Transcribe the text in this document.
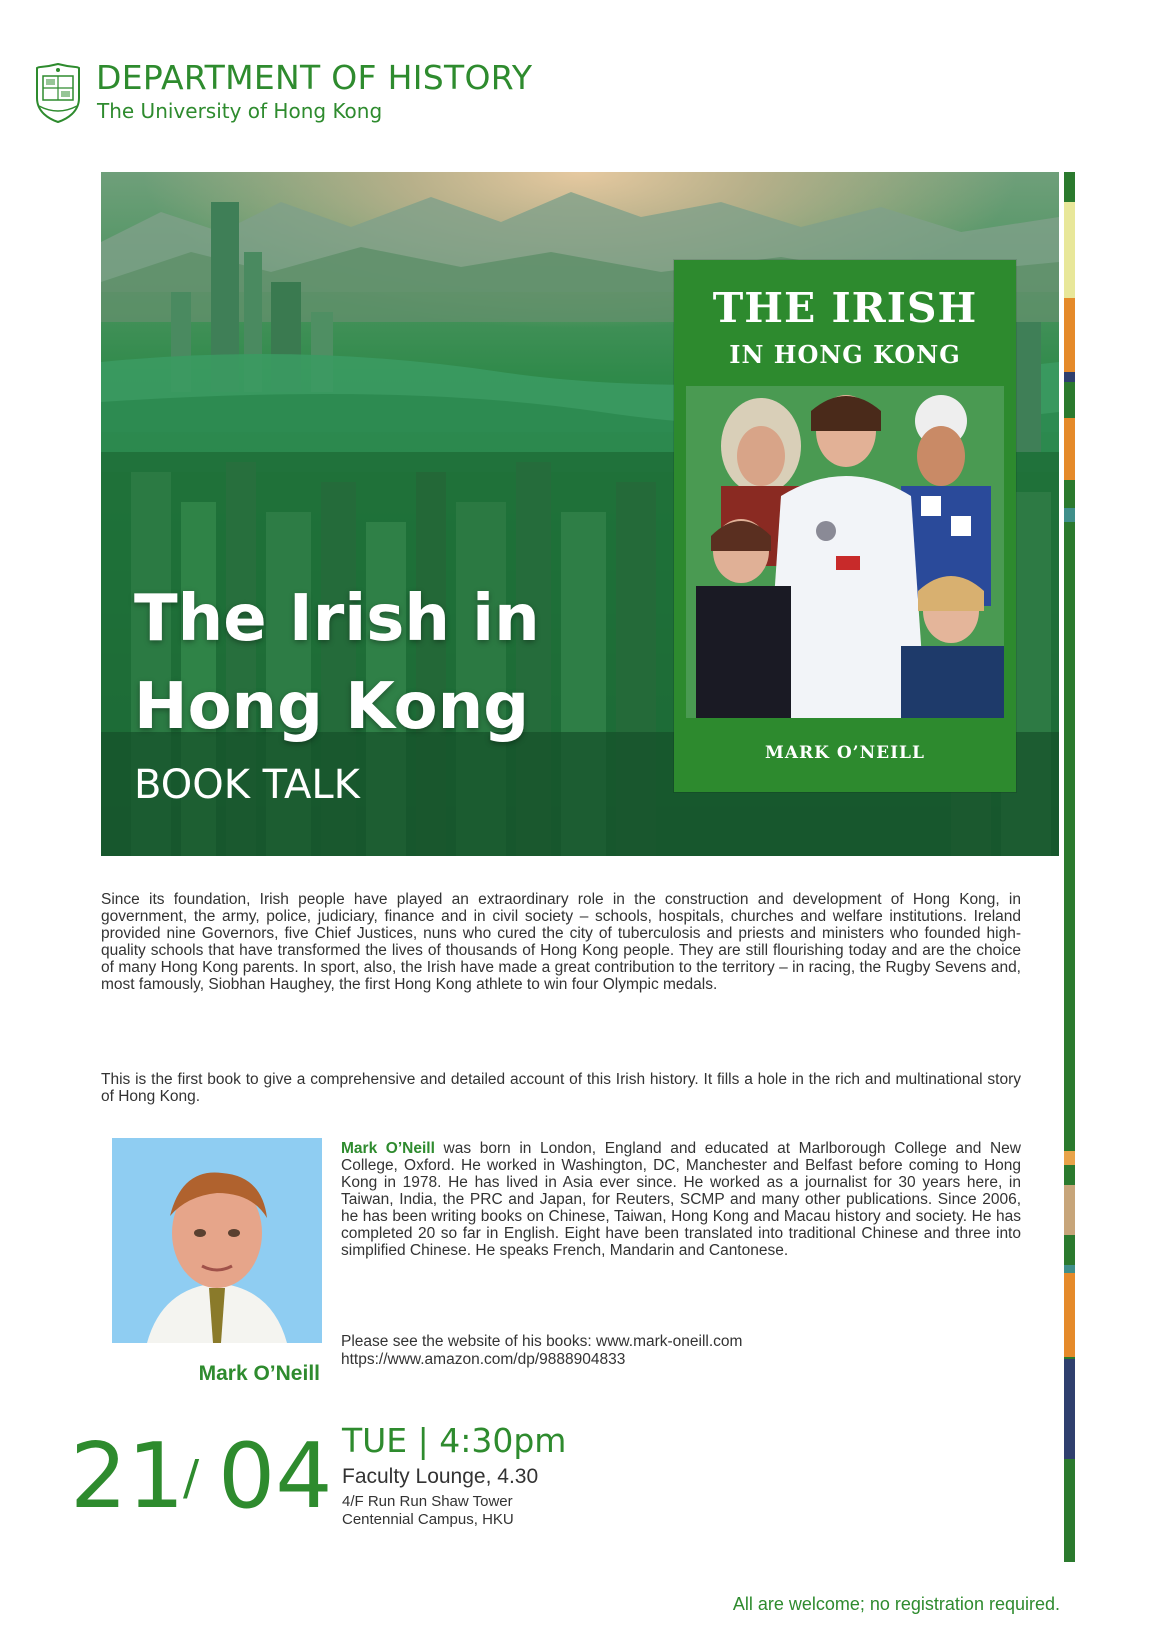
DEPARTMENT OF HISTORY
The University of Hong Kong
The Irish in
Hong Kong
BOOK TALK
THE IRISH
IN HONG KONG
MARK O’NEILL
Since its foundation, Irish people have played an extraordinary role in the construction and development of Hong Kong, in government, the army, police, judiciary, finance and in civil society – schools, hospitals, churches and welfare institutions. Ireland provided nine Governors, five Chief Justices, nuns who cured the city of tuberculosis and priests and ministers who founded high-quality schools that have transformed the lives of thousands of Hong Kong people. They are still flourishing today and are the choice of many Hong Kong parents. In sport, also, the Irish have made a great contribution to the territory – in racing, the Rugby Sevens and, most famously, Siobhan Haughey, the first Hong Kong athlete to win four Olympic medals.
This is the first book to give a comprehensive and detailed account of this Irish history. It fills a hole in the rich and multinational story of Hong Kong.
Mark O’Neill
Mark O’Neill was born in London, England and educated at Marlborough College and New College, Oxford. He worked in Washington, DC, Manchester and Belfast before coming to Hong Kong in 1978. He has lived in Asia ever since. He worked as a journalist for 30 years here, in Taiwan, India, the PRC and Japan, for Reuters, SCMP and many other publications. Since 2006, he has been writing books on Chinese, Taiwan, Hong Kong and Macau history and society. He has completed 20 so far in English. Eight have been translated into traditional Chinese and three into simplified Chinese. He speaks French, Mandarin and Cantonese.
Please see the website of his books: www.mark-oneill.com
https://www.amazon.com/dp/9888904833
21
/ 04 TUE | 4:30pm
Faculty Lounge, 4.30
4/F Run Run Shaw Tower
Centennial Campus, HKU
All are welcome; no registration required.
